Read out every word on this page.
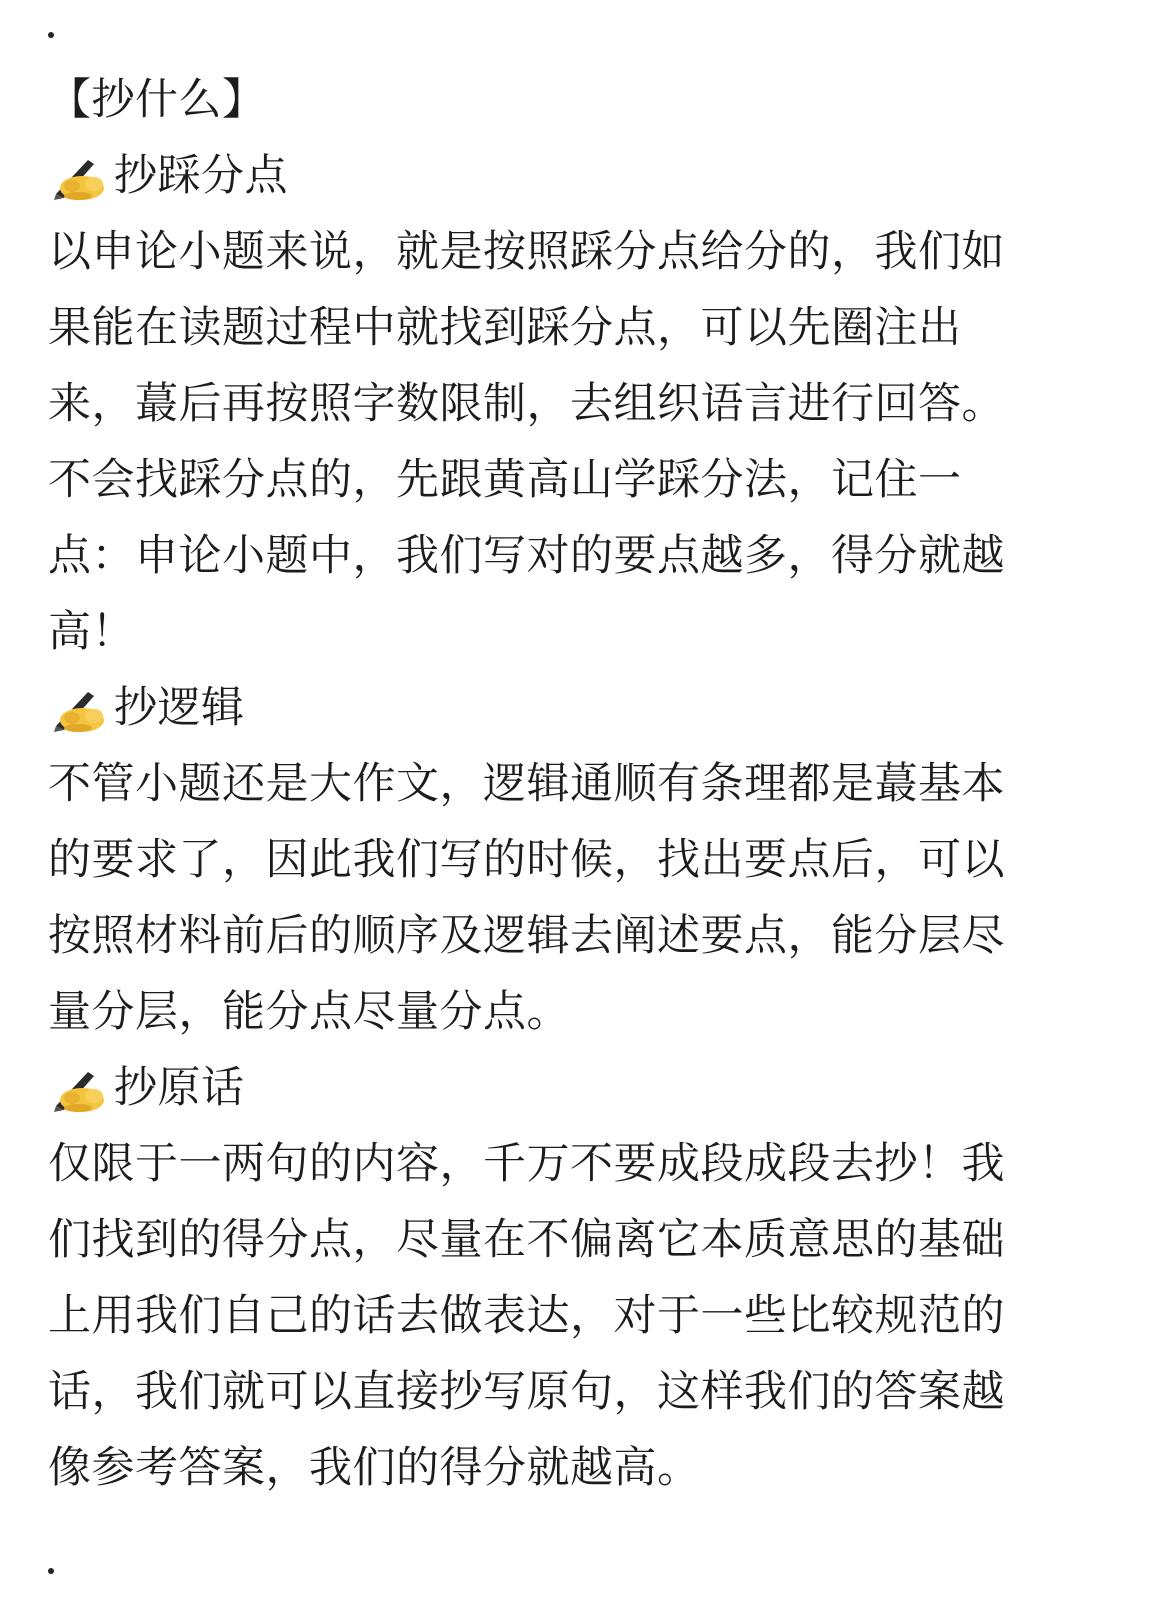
【抄什么】
抄踩分点
以申论小题来说，就是按照踩分点给分的，我们如
果能在读题过程中就找到踩分点，可以先圈注出
来，蕞后再按照字数限制，去组织语言进行回答。
不会找踩分点的，先跟黄高山学踩分法，记住一
点：申论小题中，我们写对的要点越多，得分就越
高！
抄逻辑
不管小题还是大作文，逻辑通顺有条理都是蕞基本
的要求了，因此我们写的时候，找出要点后，可以
按照材料前后的顺序及逻辑去阐述要点，能分层尽
量分层，能分点尽量分点。
抄原话
仅限于一两句的内容，千万不要成段成段去抄！我
们找到的得分点，尽量在不偏离它本质意思的基础
上用我们自己的话去做表达，对于一些比较规范的
话，我们就可以直接抄写原句，这样我们的答案越
像参考答案，我们的得分就越高。
